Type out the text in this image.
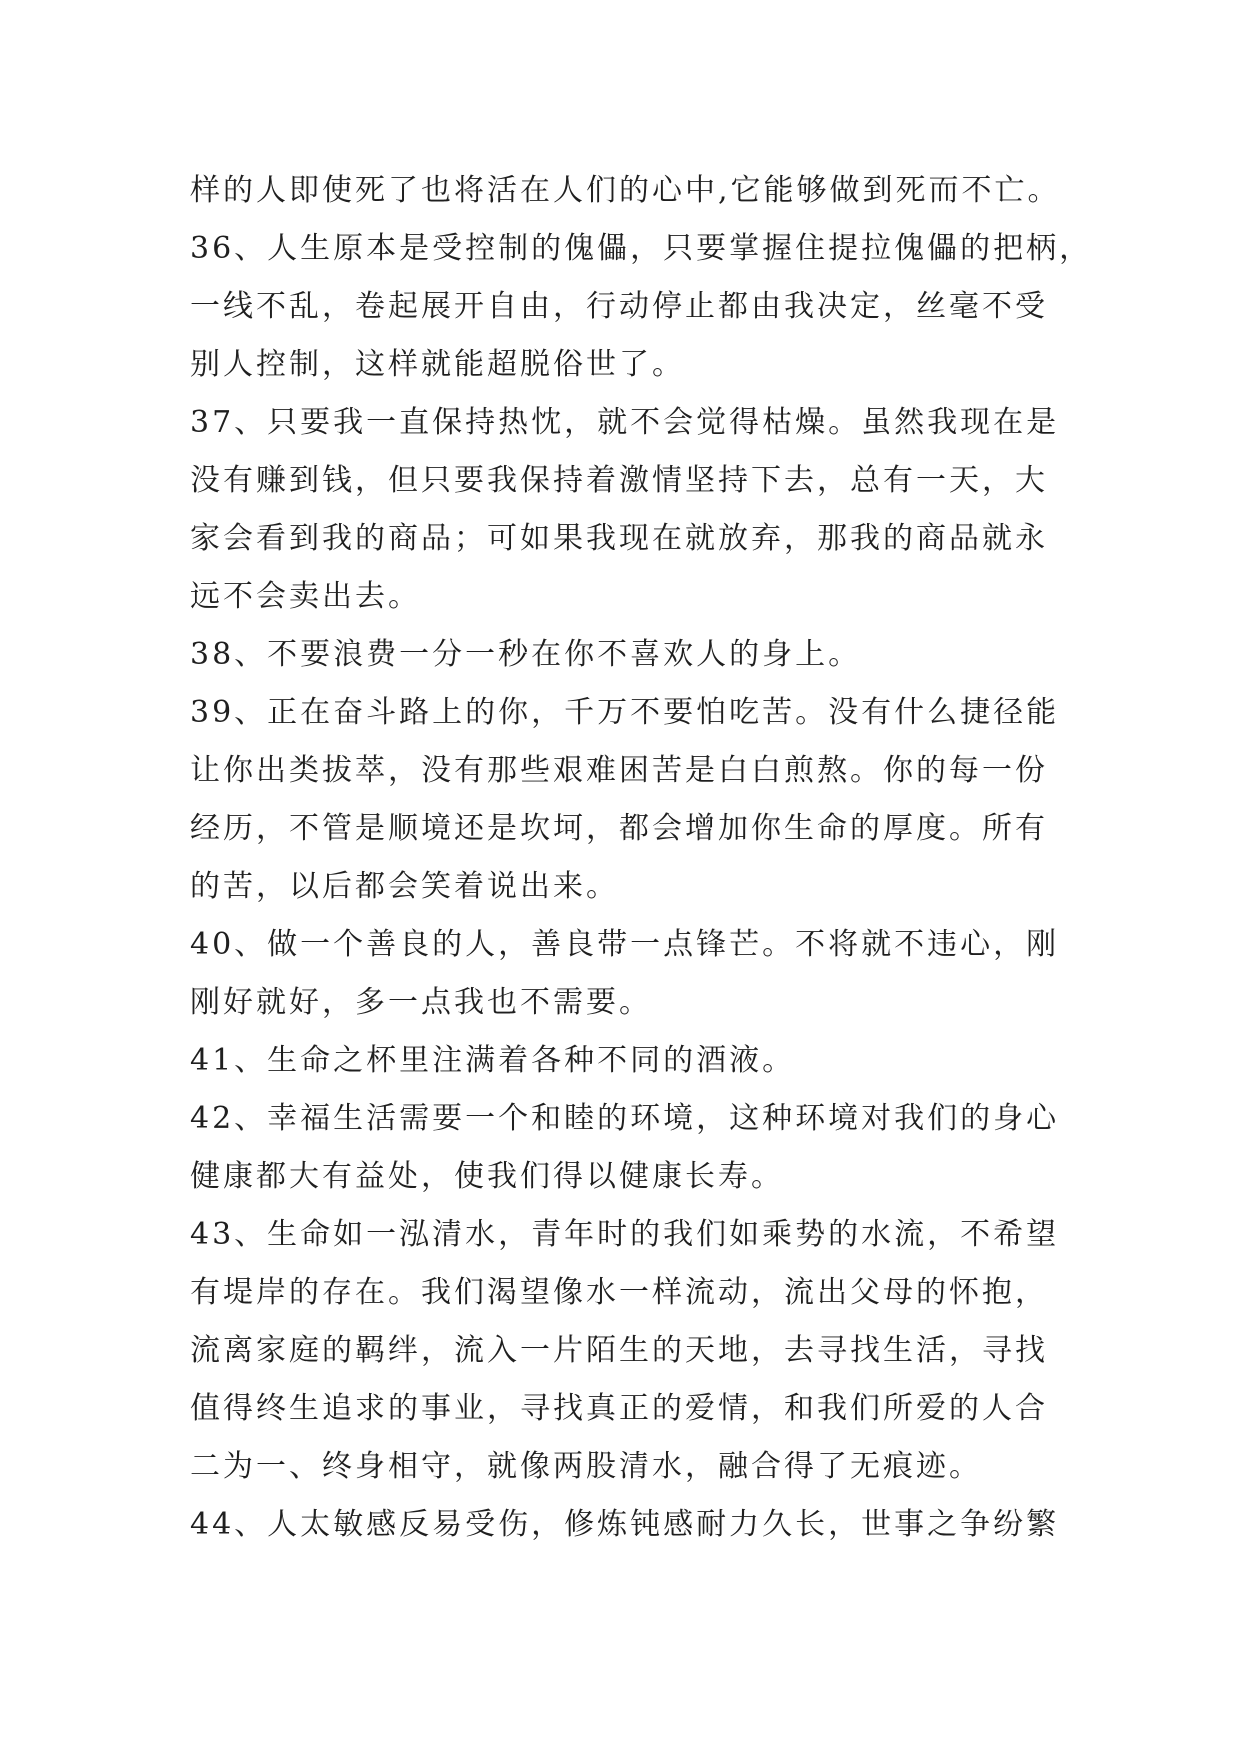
样的人即使死了也将活在人们的心中,它能够做到死而不亡。
36、人生原本是受控制的傀儡，只要掌握住提拉傀儡的把柄，
一线不乱，卷起展开自由，行动停止都由我决定，丝毫不受
别人控制，这样就能超脱俗世了。
37、只要我一直保持热忱，就不会觉得枯燥。虽然我现在是
没有赚到钱，但只要我保持着激情坚持下去，总有一天，大
家会看到我的商品；可如果我现在就放弃，那我的商品就永
远不会卖出去。
38、不要浪费一分一秒在你不喜欢人的身上。
39、正在奋斗路上的你，千万不要怕吃苦。没有什么捷径能
让你出类拔萃，没有那些艰难困苦是白白煎熬。你的每一份
经历，不管是顺境还是坎坷，都会增加你生命的厚度。所有
的苦，以后都会笑着说出来。
40、做一个善良的人，善良带一点锋芒。不将就不违心，刚
刚好就好，多一点我也不需要。
41、生命之杯里注满着各种不同的酒液。
42、幸福生活需要一个和睦的环境，这种环境对我们的身心
健康都大有益处，使我们得以健康长寿。
43、生命如一泓清水，青年时的我们如乘势的水流，不希望
有堤岸的存在。我们渴望像水一样流动，流出父母的怀抱，
流离家庭的羁绊，流入一片陌生的天地，去寻找生活，寻找
值得终生追求的事业，寻找真正的爱情，和我们所爱的人合
二为一、终身相守，就像两股清水，融合得了无痕迹。
44、人太敏感反易受伤，修炼钝感耐力久长，世事之争纷繁
